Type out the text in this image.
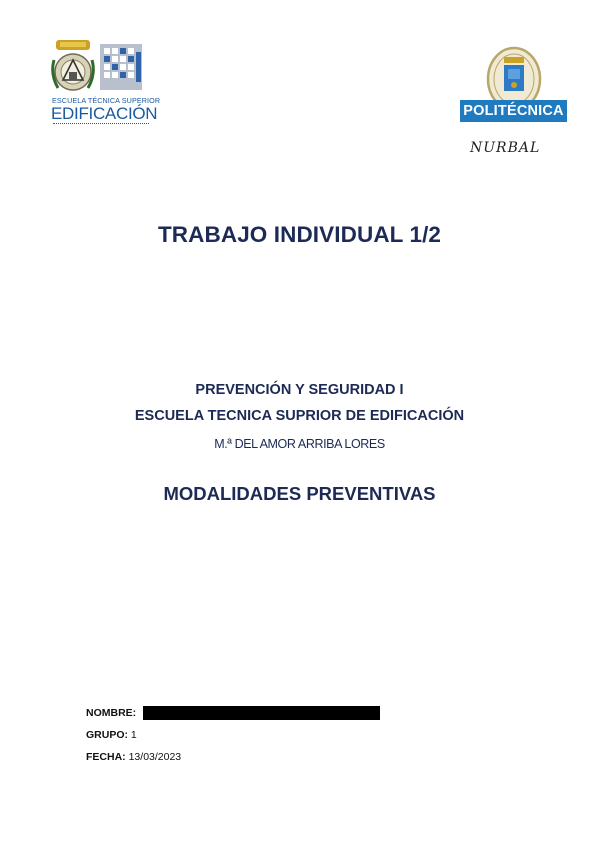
ESCUELA TÉCNICA SUPERIOR
EDIFICACIÓN	POLITÉCNICA
NURBAL
TRABAJO INDIVIDUAL 1/2
PREVENCIÓN Y SEGURIDAD I
ESCUELA TECNICA SUPRIOR DE EDIFICACIÓN
M.ª DEL AMOR ARRIBA LORES
MODALIDADES PREVENTIVAS
NOMBRE:
GRUPO: 1
FECHA: 13/03/2023
